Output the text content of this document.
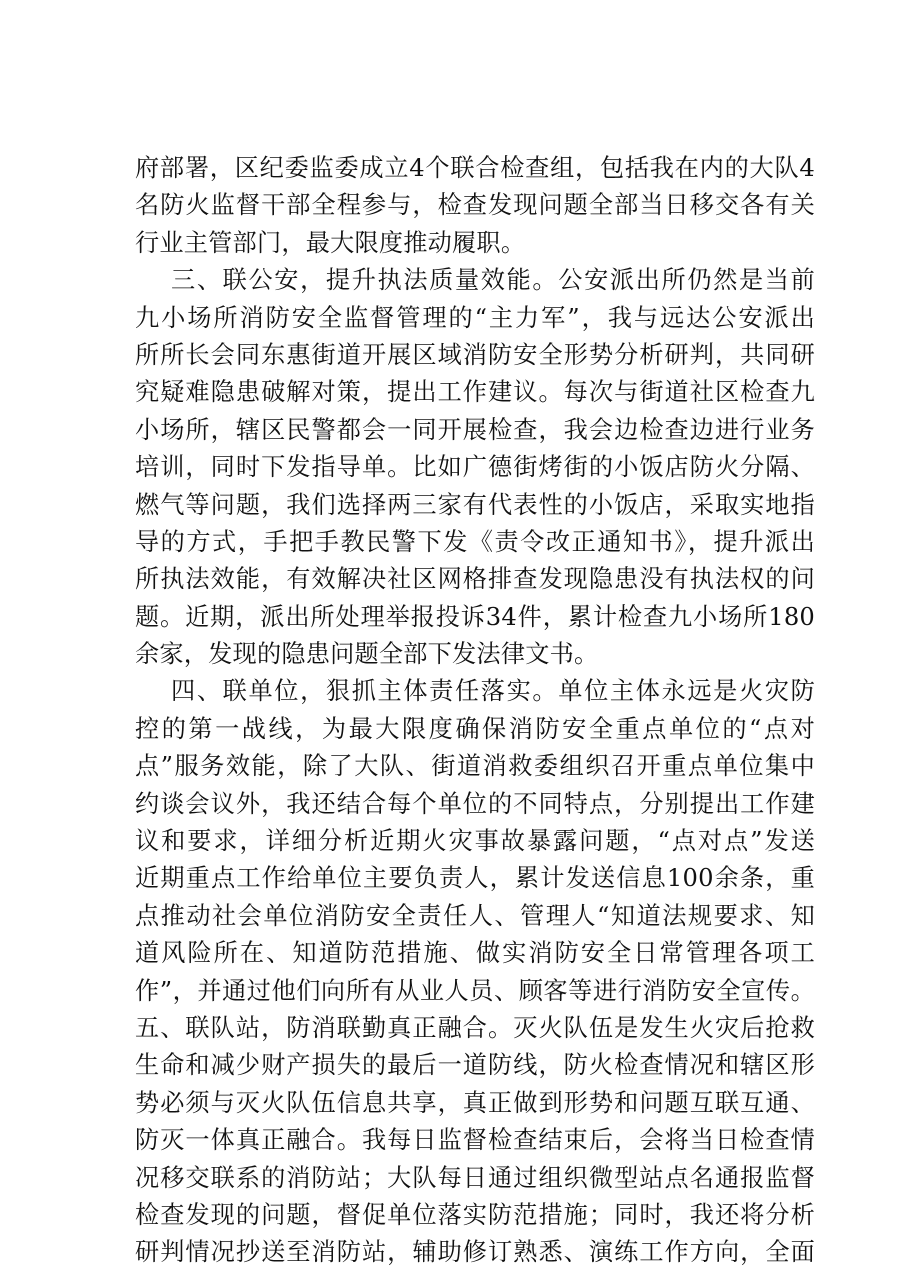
府部署，区纪委监委成立4个联合检查组，包括我在内的大队4
名防火监督干部全程参与，检查发现问题全部当日移交各有关
行业主管部门，最大限度推动履职。
三、联公安，提升执法质量效能。公安派出所仍然是当前
九小场所消防安全监督管理的“主力军”，我与远达公安派出
所所长会同东惠街道开展区域消防安全形势分析研判，共同研
究疑难隐患破解对策，提出工作建议。每次与街道社区检查九
小场所，辖区民警都会一同开展检查，我会边检查边进行业务
培训，同时下发指导单。比如广德街烤街的小饭店防火分隔、
燃气等问题，我们选择两三家有代表性的小饭店，采取实地指
导的方式，手把手教民警下发《责令改正通知书》，提升派出
所执法效能，有效解决社区网格排查发现隐患没有执法权的问
题。近期，派出所处理举报投诉34件，累计检查九小场所180
余家，发现的隐患问题全部下发法律文书。
四、联单位，狠抓主体责任落实。单位主体永远是火灾防
控的第一战线，为最大限度确保消防安全重点单位的“点对
点”服务效能，除了大队、街道消救委组织召开重点单位集中
约谈会议外，我还结合每个单位的不同特点，分别提出工作建
议和要求，详细分析近期火灾事故暴露问题，“点对点”发送
近期重点工作给单位主要负责人，累计发送信息100余条，重
点推动社会单位消防安全责任人、管理人“知道法规要求、知
道风险所在、知道防范措施、做实消防安全日常管理各项工
作”，并通过他们向所有从业人员、顾客等进行消防安全宣传。
五、联队站，防消联勤真正融合。灭火队伍是发生火灾后抢救
生命和减少财产损失的最后一道防线，防火检查情况和辖区形
势必须与灭火队伍信息共享，真正做到形势和问题互联互通、
防灭一体真正融合。我每日监督检查结束后，会将当日检查情
况移交联系的消防站；大队每日通过组织微型站点名通报监督
检查发现的问题，督促单位落实防范措施；同时，我还将分析
研判情况抄送至消防站，辅助修订熟悉、演练工作方向，全面
